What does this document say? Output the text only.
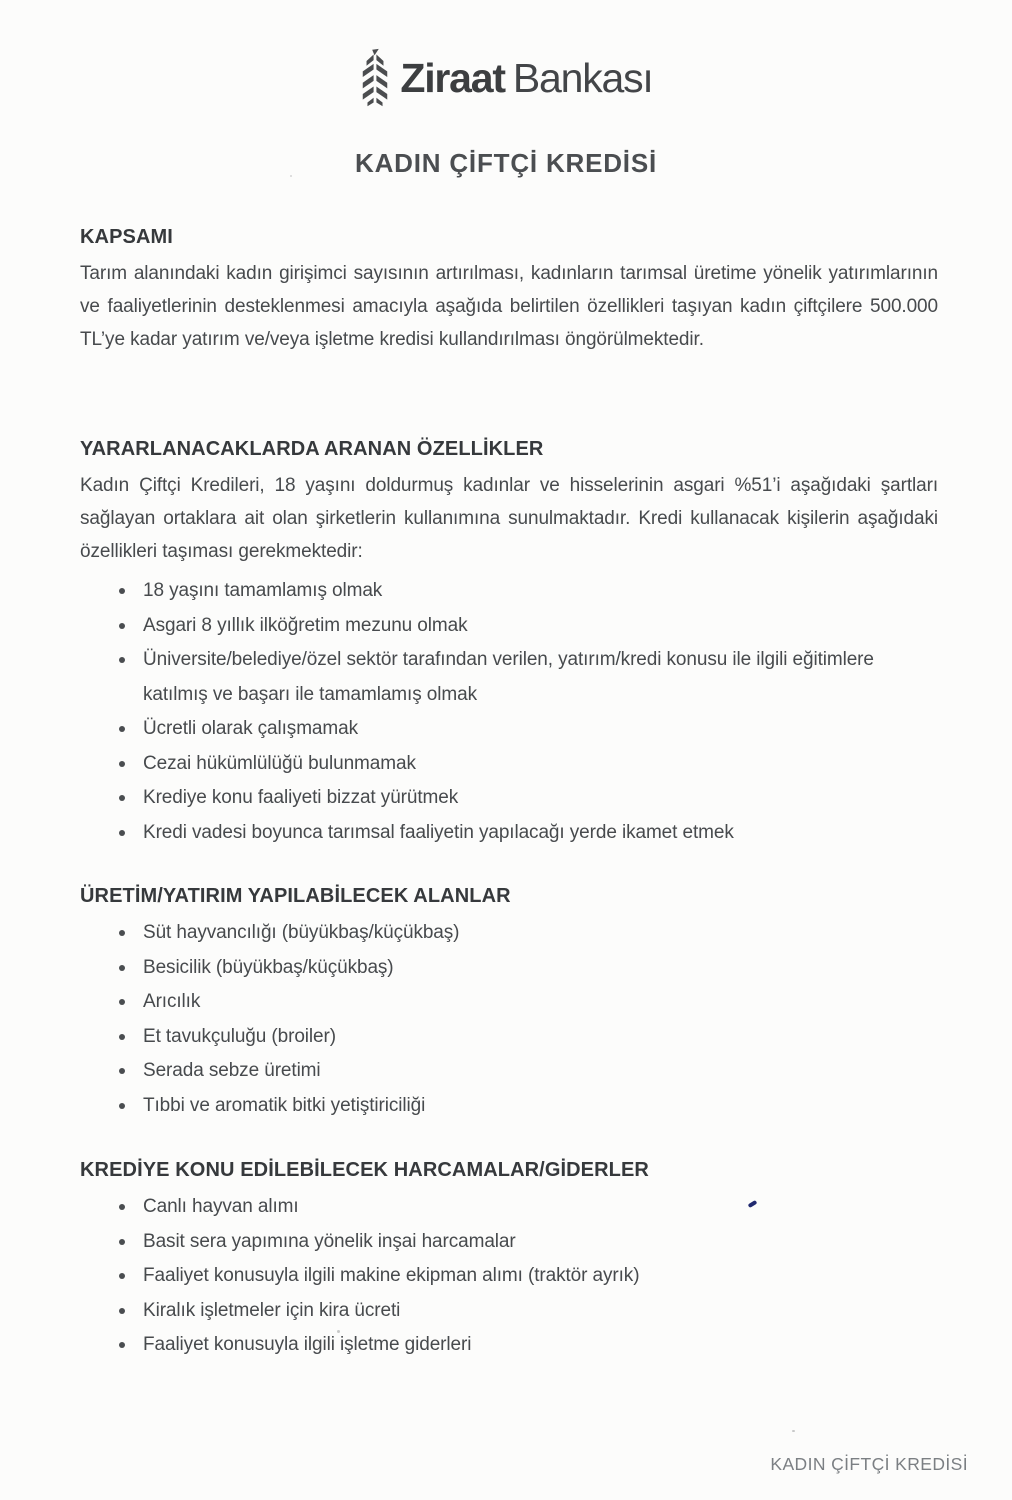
Ziraat Bankası
KADIN ÇİFTÇİ KREDİSİ
KAPSAMI

Tarım alanındaki kadın girişimci sayısının artırılması, kadınların tarımsal üretime yönelik yatırımlarının ve faaliyetlerinin desteklenmesi amacıyla aşağıda belirtilen özellikleri taşıyan kadın çiftçilere 500.000 TL’ye kadar yatırım ve/veya işletme kredisi kullandırılması öngörülmektedir.

YARARLANACAKLARDA ARANAN ÖZELLİKLER

Kadın Çiftçi Kredileri, 18 yaşını doldurmuş kadınlar ve hisselerinin asgari %51’i aşağıdaki şartları sağlayan ortaklara ait olan şirketlerin kullanımına sunulmaktadır. Kredi kullanacak kişilerin aşağıdaki özellikleri taşıması gerekmektedir:

18 yaşını tamamlamış olmak
Asgari 8 yıllık ilköğretim mezunu olmak
Üniversite/belediye/özel sektör tarafından verilen, yatırım/kredi konusu ile ilgili eğitimlere katılmış ve başarı ile tamamlamış olmak
Ücretli olarak çalışmamak
Cezai hükümlülüğü bulunmamak
Krediye konu faaliyeti bizzat yürütmek
Kredi vadesi boyunca tarımsal faaliyetin yapılacağı yerde ikamet etmek
ÜRETİM/YATIRIM YAPILABİLECEK ALANLAR
Süt hayvancılığı (büyükbaş/küçükbaş)
Besicilik (büyükbaş/küçükbaş)
Arıcılık
Et tavukçuluğu (broiler)
Serada sebze üretimi
Tıbbi ve aromatik bitki yetiştiriciliği
KREDİYE KONU EDİLEBİLECEK HARCAMALAR/GİDERLER
Canlı hayvan alımı
Basit sera yapımına yönelik inşai harcamalar
Faaliyet konusuyla ilgili makine ekipman alımı (traktör ayrık)
Kiralık işletmeler için kira ücreti
Faaliyet konusuyla ilgili işletme giderleri
KADIN ÇİFTÇİ KREDİSİ
